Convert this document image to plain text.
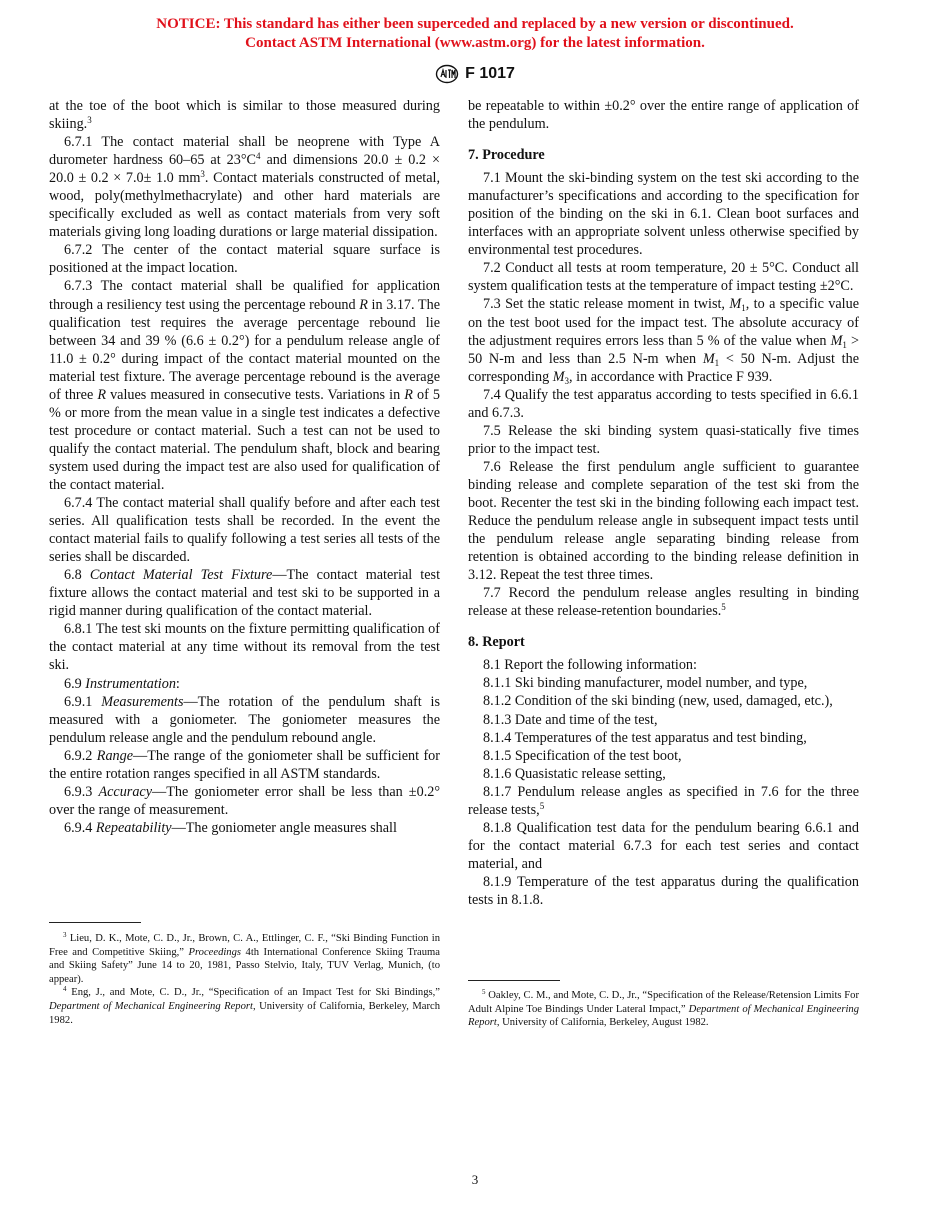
NOTICE: This standard has either been superceded and replaced by a new version or discontinued.
Contact ASTM International (www.astm.org) for the latest information.
F 1017

at the toe of the boot which is similar to those measured during skiing.$^3$

6.7.1 The contact material shall be neoprene with Type A durometer hardness 60–65 at $23^\circ C^4$ and dimensions 20.0 ± 0.2 × 20.0 ± 0.2 × 7.0± 1.0 $mm^3$. Contact materials constructed of metal, wood, poly(methylmethacrylate) and other hard materials are specifically excluded as well as contact materials from very soft materials giving long loading durations or large material dissipation.

6.7.2 The center of the contact material square surface is positioned at the impact location.

6.7.3 The contact material shall be qualified for application through a resiliency test using the percentage rebound R in 3.17. The qualification test requires the average percentage rebound lie between 34 and 39 % (6.6 ± 0.2°) for a pendulum release angle of 11.0 ± 0.2° during impact of the contact material mounted on the material test fixture. The average percentage rebound is the average of three R values measured in consecutive tests. Variations in R of 5 % or more from the mean value in a single test indicates a defective test procedure or contact material. Such a test can not be used to qualify the contact material. The pendulum shaft, block and bearing system used during the impact test are also used for qualification of the contact material.

6.7.4 The contact material shall qualify before and after each test series. All qualification tests shall be recorded. In the event the contact material fails to qualify following a test series all tests of the series shall be discarded.

6.8 Contact Material Test Fixture—The contact material test fixture allows the contact material and test ski to be supported in a rigid manner during qualification of the contact material.

6.8.1 The test ski mounts on the fixture permitting qualification of the contact material at any time without its removal from the test ski.

6.9 Instrumentation:

6.9.1 Measurements—The rotation of the pendulum shaft is measured with a goniometer. The goniometer measures the pendulum release angle and the pendulum rebound angle.

6.9.2 Range—The range of the goniometer shall be sufficient for the entire rotation ranges specified in all ASTM standards.

6.9.3 Accuracy—The goniometer error shall be less than ±0.2° over the range of measurement.

6.9.4 Repeatability—The goniometer angle measures shall

$^3$ Lieu, D. K., Mote, C. D., Jr., Brown, C. A., Ettlinger, C. F., “Ski Binding Function in Free and Competitive Skiing,” Proceedings 4th International Conference Skiing Trauma and Skiing Safety” June 14 to 20, 1981, Passo Stelvio, Italy, TUV Verlag, Munich, (to appear).

$^4$ Eng, J., and Mote, C. D., Jr., “Specification of an Impact Test for Ski Bindings,” Department of Mechanical Engineering Report, University of California, Berkeley, March 1982.

be repeatable to within ±0.2° over the entire range of application of the pendulum.

7. Procedure

7.1 Mount the ski-binding system on the test ski according to the manufacturer’s specifications and according to the specification for position of the binding on the ski in 6.1. Clean boot surfaces and interfaces with an appropriate solvent unless otherwise specified by environmental test procedures.

7.2 Conduct all tests at room temperature, 20 ± 5°C. Conduct all system qualification tests at the temperature of impact testing ±2°C.

7.3 Set the static release moment in twist, $M_1$, to a specific value on the test boot used for the impact test. The absolute accuracy of the adjustment requires errors less than 5 % of the value when $M_1 > 50$ N-m and less than 2.5 N-m when $M_1 < 50$ N-m. Adjust the corresponding $M_3$, in accordance with Practice F 939.

7.4 Qualify the test apparatus according to tests specified in 6.6.1 and 6.7.3.

7.5 Release the ski binding system quasi-statically five times prior to the impact test.

7.6 Release the first pendulum angle sufficient to guarantee binding release and complete separation of the test ski from the boot. Recenter the test ski in the binding following each impact test. Reduce the pendulum release angle in subsequent impact tests until the pendulum release angle separating binding release from retention is obtained according to the binding release definition in 3.12. Repeat the test three times.

7.7 Record the pendulum release angles resulting in binding release at these release-retention boundaries.$^5$

8. Report

8.1 Report the following information:

8.1.1 Ski binding manufacturer, model number, and type,

8.1.2 Condition of the ski binding (new, used, damaged, etc.),

8.1.3 Date and time of the test,

8.1.4 Temperatures of the test apparatus and test binding,

8.1.5 Specification of the test boot,

8.1.6 Quasistatic release setting,

8.1.7 Pendulum release angles as specified in 7.6 for the three release tests,$^5$

8.1.8 Qualification test data for the pendulum bearing 6.6.1 and for the contact material 6.7.3 for each test series and contact material, and

8.1.9 Temperature of the test apparatus during the qualification tests in 8.1.8.

$^5$ Oakley, C. M., and Mote, C. D., Jr., “Specification of the Release/Retension Limits For Adult Alpine Toe Bindings Under Lateral Impact,” Department of Mechanical Engineering Report, University of California, Berkeley, August 1982.

3
